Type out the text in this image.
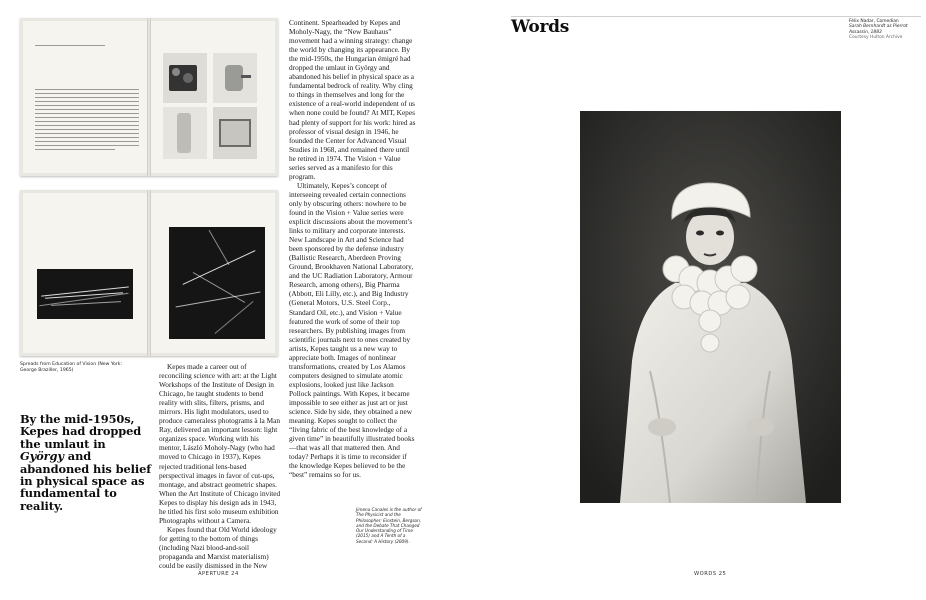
Spreads from Education of Vision (New York: George Braziller, 1965)
By the mid-1950s, Kepes had dropped the umlaut in György and abandoned his belief in physical space as fundamental to reality.

Kepes made a career out of reconciling science with art: at the Light Workshops of the Institute of Design in Chicago, he taught students to bend reality with slits, filters, prisms, and mirrors. His light modulators, used to produce cameraless photograms à la Man Ray, delivered an important lesson: light organizes space. Working with his mentor, László Moholy-Nagy (who had moved to Chicago in 1937), Kepes rejected traditional lens-based perspectival images in favor of cut-ups, montage, and abstract geometric shapes. When the Art Institute of Chicago invited Kepes to display his design ads in 1943, he titled his first solo museum exhibition Photographs without a Camera.

Kepes found that Old World ideology for getting to the bottom of things (including Nazi blood-and-soil propaganda and Marxist materialism) could be easily dismissed in the New

Continent. Spearheaded by Kepes and Moholy-Nagy, the “New Bauhaus” movement had a winning strategy: change the world by changing its appearance. By the mid-1950s, the Hungarian émigré had dropped the umlaut in György and abandoned his belief in physical space as a fundamental bedrock of reality. Why cling to things in themselves and long for the existence of a real-world independent of us when none could be found? At MIT, Kepes had plenty of support for his work: hired as professor of visual design in 1946, he founded the Center for Advanced Visual Studies in 1968, and remained there until he retired in 1974. The Vision + Value series served as a manifesto for this program.

Ultimately, Kepes’s concept of interseeing revealed certain connections only by obscuring others: nowhere to be found in the Vision + Value series were explicit discussions about the movement’s links to military and corporate interests. New Landscape in Art and Science had been sponsored by the defense industry (Ballistic Research, Aberdeen Proving Ground, Brookhaven National Laboratory, and the UC Radiation Laboratory, Armour Research, among others), Big Pharma (Abbott, Eli Lilly, etc.), and Big Industry (General Motors, U.S. Steel Corp., Standard Oil, etc.), and Vision + Value featured the work of some of their top researchers. By publishing images from scientific journals next to ones created by artists, Kepes taught us a new way to appreciate both. Images of nonlinear transformations, created by Los Alamos computers designed to simulate atomic explosions, looked just like Jackson Pollock paintings. With Kepes, it became impossible to see either as just art or just science. Side by side, they obtained a new meaning. Kepes sought to collect the “living fabric of the best knowledge of a given time” in beautifully illustrated books—that was all that mattered then. And today? Perhaps it is time to reconsider if the knowledge Kepes believed to be the “best” remains so for us.

Jimena Canales is the author of The Physicist and the Philosopher: Einstein, Bergson, and the Debate That Changed Our Understanding of Time (2015) and A Tenth of a Second: A History (2009).
APERTURE 24
Words	Félix Nadar, Comedian
Sarah Bernhardt as Pierrot
Assassin, 1883
Courtesy Hulton Archive
WORDS 25
